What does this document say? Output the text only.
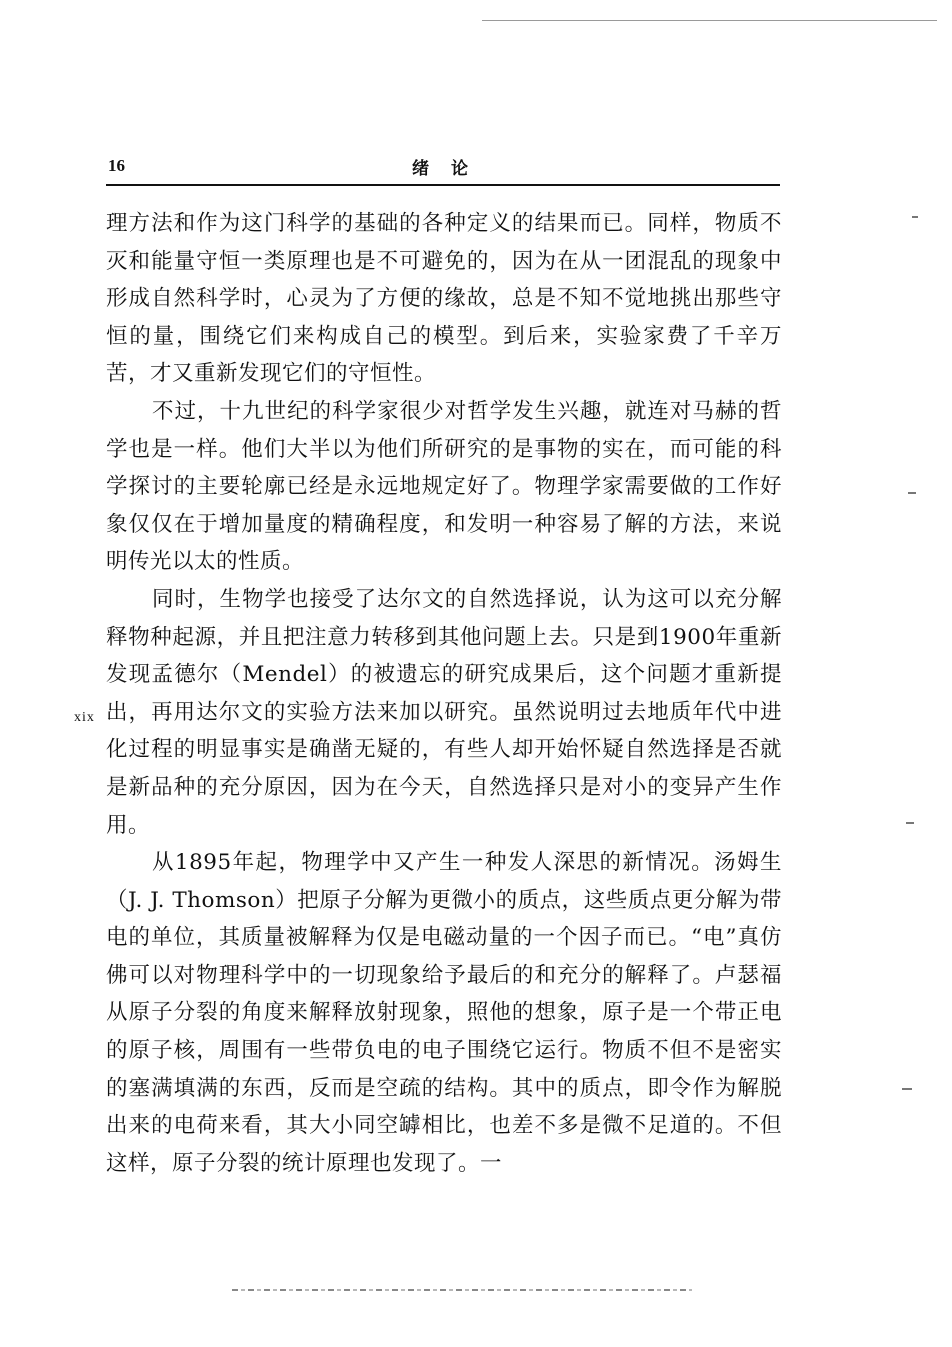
16	绪论
xix

理方法和作为这门科学的基础的各种定义的结果而已。同样，物质不灭和能量守恒一类原理也是不可避免的，因为在从一团混乱的现象中形成自然科学时，心灵为了方便的缘故，总是不知不觉地挑出那些守恒的量，围绕它们来构成自己的模型。到后来，实验家费了千辛万苦，才又重新发现它们的守恒性。

不过，十九世纪的科学家很少对哲学发生兴趣，就连对马赫的哲学也是一样。他们大半以为他们所研究的是事物的实在，而可能的科学探讨的主要轮廓已经是永远地规定好了。物理学家需要做的工作好象仅仅在于增加量度的精确程度，和发明一种容易了解的方法，来说明传光以太的性质。

同时，生物学也接受了达尔文的自然选择说，认为这可以充分解释物种起源，并且把注意力转移到其他问题上去。只是到1900年重新发现孟德尔（Mendel）的被遗忘的研究成果后，这个问题才重新提出，再用达尔文的实验方法来加以研究。虽然说明过去地质年代中进化过程的明显事实是确凿无疑的，有些人却开始怀疑自然选择是否就是新品种的充分原因，因为在今天，自然选择只是对小的变异产生作用。

从1895年起，物理学中又产生一种发人深思的新情况。汤姆生（J. J. Thomson）把原子分解为更微小的质点，这些质点更分解为带电的单位，其质量被解释为仅是电磁动量的一个因子而已。“电”真仿佛可以对物理科学中的一切现象给予最后的和充分的解释了。卢瑟福从原子分裂的角度来解释放射现象，照他的想象，原子是一个带正电的原子核，周围有一些带负电的电子围绕它运行。物质不但不是密实的塞满填满的东西，反而是空疏的结构。其中的质点，即令作为解脱出来的电荷来看，其大小同空罅相比，也差不多是微不足道的。不但这样，原子分裂的统计原理也发现了。一
